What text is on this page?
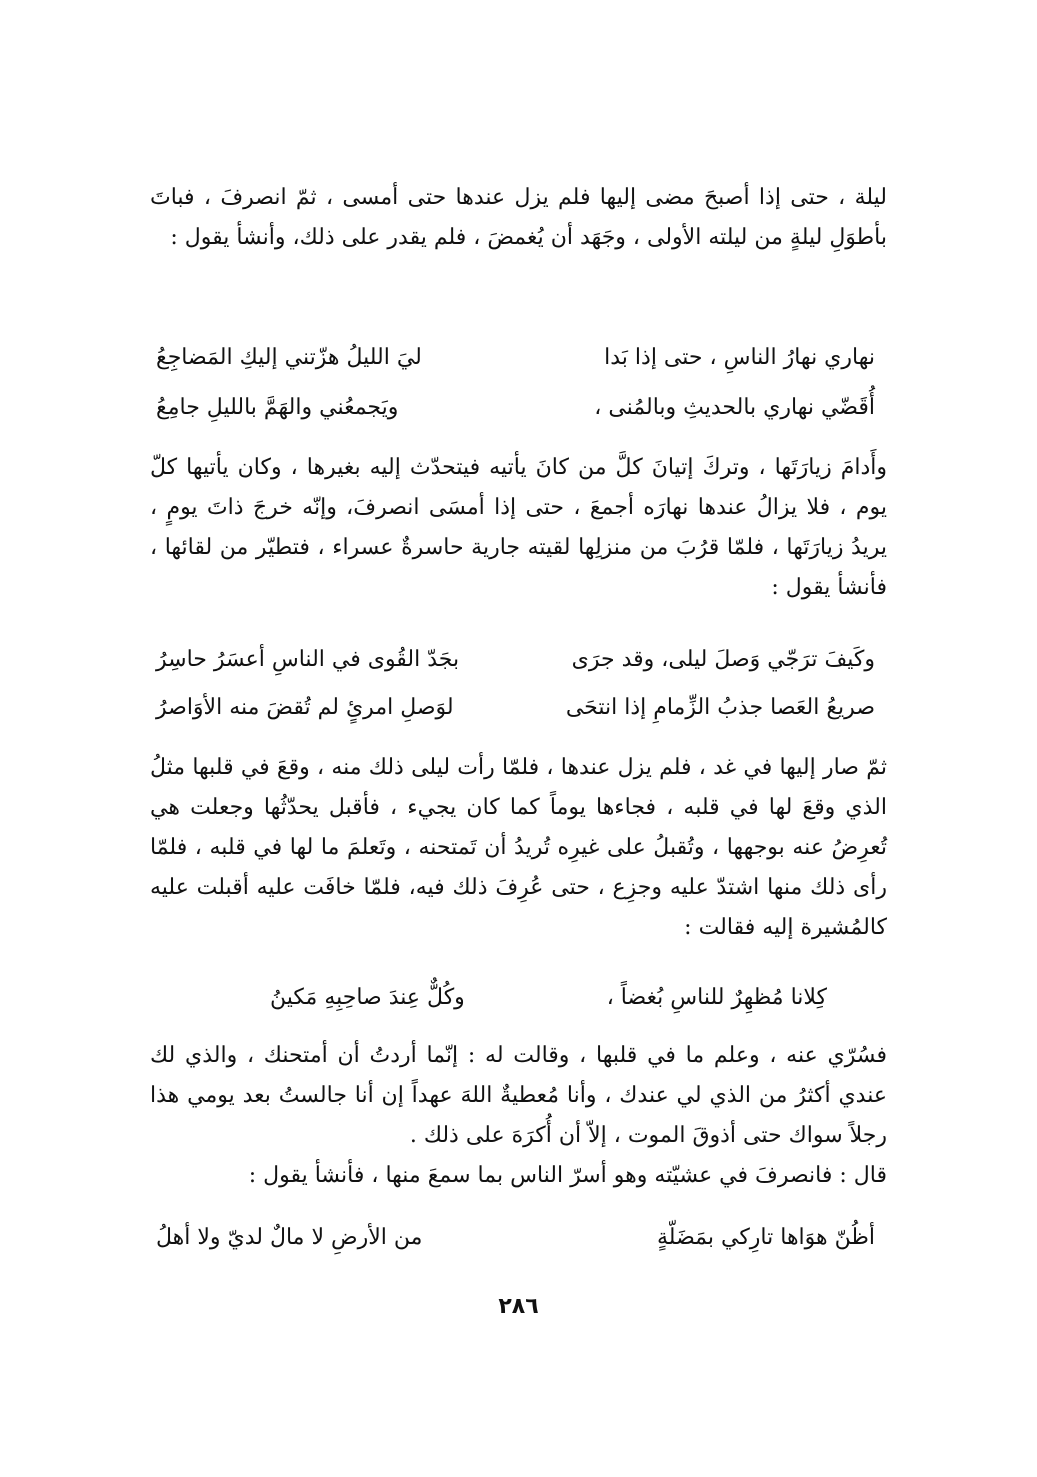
ليلة ، حتى إذا أصبحَ مضى إليها فلم يزل عندها حتى أمسى ، ثمّ انصرفَ ، فباتَ بأطوَلِ ليلةٍ من ليلته الأولى ، وجَهَد أن يُغمضَ ، فلم يقدر على ذلك، وأنشأ يقول :

نهاري نهارُ الناسِ ، حتى إذا بَدا
ليَ الليلُ هزّتني إليكِ المَضاجِعُ
أُقَضّي نهاري بالحديثِ وبالمُنى ،
ويَجمعُني والهَمَّ بالليلِ جامِعُ

وأَدامَ زيارَتَها ، وتركَ إتيانَ كلَّ من كانَ يأتيه فيتحدّث إليه بغيرها ، وكان يأتيها كلّ يوم ، فلا يزالُ عندها نهارَه أجمعَ ، حتى إذا أمسَى انصرفَ، وإنّه خرجَ ذاتَ يومٍ ، يريدُ زيارَتَها ، فلمّا قرُبَ من منزلِها لقيته جارية حاسرةٌ عسراء ، فتطيّر من لقائها ، فأنشأ يقول :

وكَيفَ ترَجّي وَصلَ ليلى، وقد جرَى
بجَدّ القُوى في الناسِ أعسَرُ حاسِرُ
صريعُ العَصا جذبُ الزِّمامِ إذا انتحَى
لوَصلِ امرئٍ لم تُقضَ منه الأوَاصرُ

ثمّ صار إليها في غد ، فلم يزل عندها ، فلمّا رأت ليلى ذلك منه ، وقعَ في قلبها مثلُ الذي وقعَ لها في قلبه ، فجاءها يوماً كما كان يجيء ، فأقبل يحدّثُها وجعلت هي تُعرِضُ عنه بوجهها ، وتُقبلُ على غيرِه تُريدُ أن تَمتحنه ، وتَعلمَ ما لها في قلبه ، فلمّا رأى ذلك منها اشتدّ عليه وجزِع ، حتى عُرِفَ ذلك فيه، فلمّا خافَت عليه أقبلت عليه كالمُشيرة إليه فقالت :

كِلانا مُظهِرٌ للناسِ بُغضاً ،
وكُلٌّ عِندَ صاحِبِهِ مَكينُ

فسُرّي عنه ، وعلم ما في قلبها ، وقالت له : إنّما أردتُ أن أمتحنك ، والذي لك عندي أكثرُ من الذي لي عندك ، وأنا مُعطيةٌ اللهَ عهداً إن أنا جالستُ بعد يومي هذا رجلاً سواك حتى أذوقَ الموت ، إلاّ أن أُكرَهَ على ذلك .

قال : فانصرفَ في عشيّته وهو أسرّ الناس بما سمعَ منها ، فأنشأ يقول :

أظُنّ هوَاها تارِكي بمَضَلّةٍ
من الأرضِ لا مالٌ لديّ ولا أهلُ
٢٨٦
